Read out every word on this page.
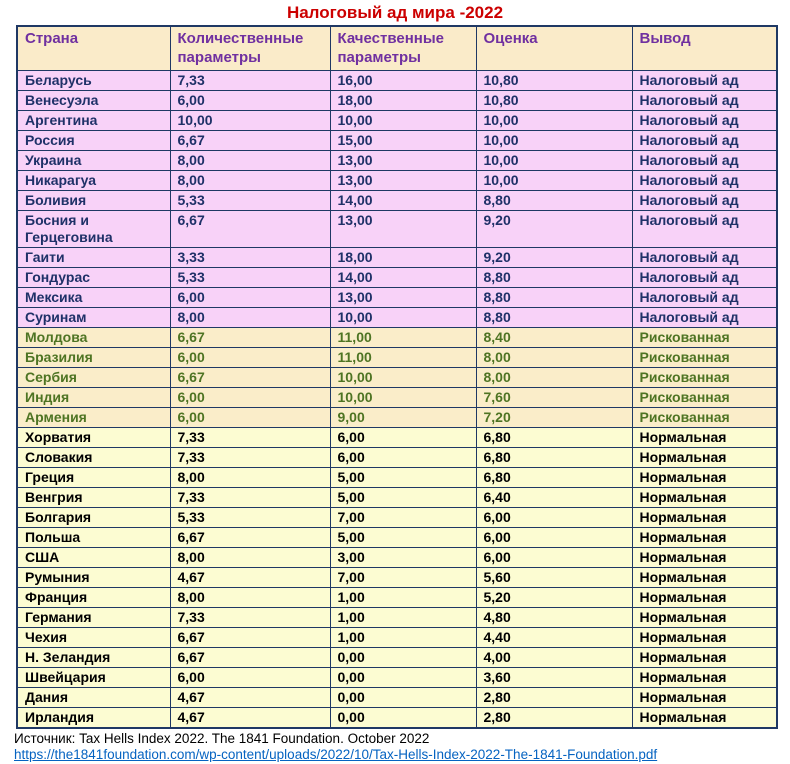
Налоговый ад мира -2022
Страна	Количественные параметры	Качественные параметры	Оценка	Вывод
Беларусь	7,33	16,00	10,80	Налоговый ад
Венесуэла	6,00	18,00	10,80	Налоговый ад
Аргентина	10,00	10,00	10,00	Налоговый ад
Россия	6,67	15,00	10,00	Налоговый ад
Украина	8,00	13,00	10,00	Налоговый ад
Никарагуа	8,00	13,00	10,00	Налоговый ад
Боливия	5,33	14,00	8,80	Налоговый ад
Босния и Герцеговина	6,67	13,00	9,20	Налоговый ад
Гаити	3,33	18,00	9,20	Налоговый ад
Гондурас	5,33	14,00	8,80	Налоговый ад
Мексика	6,00	13,00	8,80	Налоговый ад
Суринам	8,00	10,00	8,80	Налоговый ад
Молдова	6,67	11,00	8,40	Рискованная
Бразилия	6,00	11,00	8,00	Рискованная
Сербия	6,67	10,00	8,00	Рискованная
Индия	6,00	10,00	7,60	Рискованная
Армения	6,00	9,00	7,20	Рискованная
Хорватия	7,33	6,00	6,80	Нормальная
Словакия	7,33	6,00	6,80	Нормальная
Греция	8,00	5,00	6,80	Нормальная
Венгрия	7,33	5,00	6,40	Нормальная
Болгария	5,33	7,00	6,00	Нормальная
Польша	6,67	5,00	6,00	Нормальная
США	8,00	3,00	6,00	Нормальная
Румыния	4,67	7,00	5,60	Нормальная
Франция	8,00	1,00	5,20	Нормальная
Германия	7,33	1,00	4,80	Нормальная
Чехия	6,67	1,00	4,40	Нормальная
Н. Зеландия	6,67	0,00	4,00	Нормальная
Швейцария	6,00	0,00	3,60	Нормальная
Дания	4,67	0,00	2,80	Нормальная
Ирландия	4,67	0,00	2,80	Нормальная
Источник: Tax Hells Index 2022. The 1841 Foundation. October 2022
https://the1841foundation.com/wp-content/uploads/2022/10/Tax-Hells-Index-2022-The-1841-Foundation.pdf
